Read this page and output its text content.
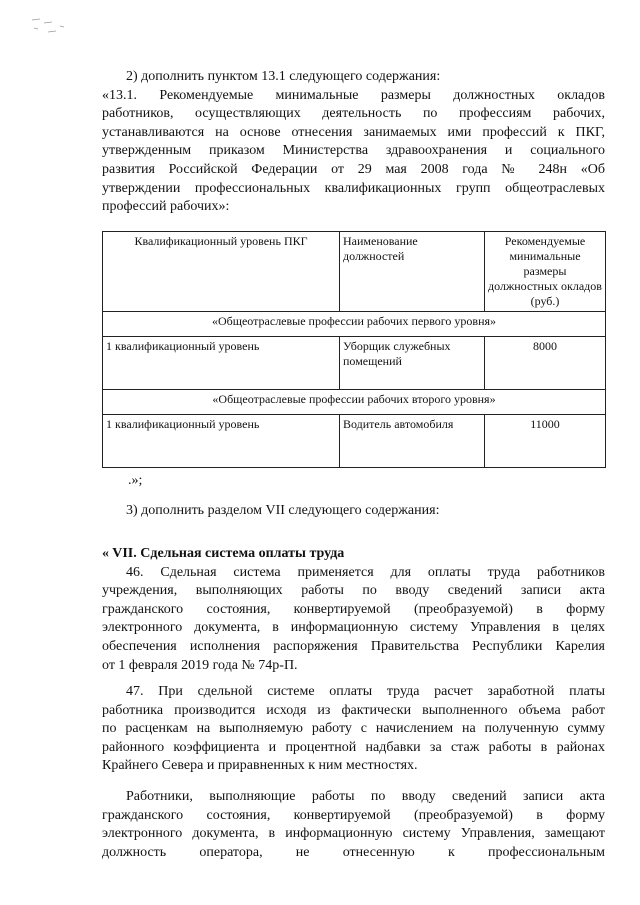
2) дополнить пунктом 13.1 следующего содержания:

«13.1. Рекомендуемые минимальные размеры должностных окладов

работников, осуществляющих деятельность по профессиям рабочих,

устанавливаются на основе отнесения занимаемых ими профессий к ПКГ,

утвержденным приказом Министерства здравоохранения и социального

развития Российской Федерации от 29 мая 2008 года № 248н «Об

утверждении профессиональных квалификационных групп общеотраслевых

профессий рабочих»:

Квалификационный уровень ПКГ	Наименование должностей	Рекомендуемые минимальные размеры должностных окладов (руб.)
«Общеотраслевые профессии рабочих первого уровня»		
1 квалификационный уровень	Уборщик служебных помещений	8000
«Общеотраслевые профессии рабочих второго уровня»		
1 квалификационный уровень	Водитель автомобиля	11000

.»;

3) дополнить разделом VII следующего содержания:

« VII. Сдельная система оплаты труда

46. Сдельная система применяется для оплаты труда работников

учреждения, выполняющих работы по вводу сведений записи акта

гражданского состояния, конвертируемой (преобразуемой) в форму

электронного документа, в информационную систему Управления в целях

обеспечения исполнения распоряжения Правительства Республики Карелия

от 1 февраля 2019 года № 74р-П.

47. При сдельной системе оплаты труда расчет заработной платы

работника производится исходя из фактически выполненного объема работ

по расценкам на выполняемую работу с начислением на полученную сумму

районного коэффициента и процентной надбавки за стаж работы в районах

Крайнего Севера и приравненных к ним местностях.

Работники, выполняющие работы по вводу сведений записи акта

гражданского состояния, конвертируемой (преобразуемой) в форму

электронного документа, в информационную систему Управления, замещают

должность оператора, не отнесенную к профессиональным
